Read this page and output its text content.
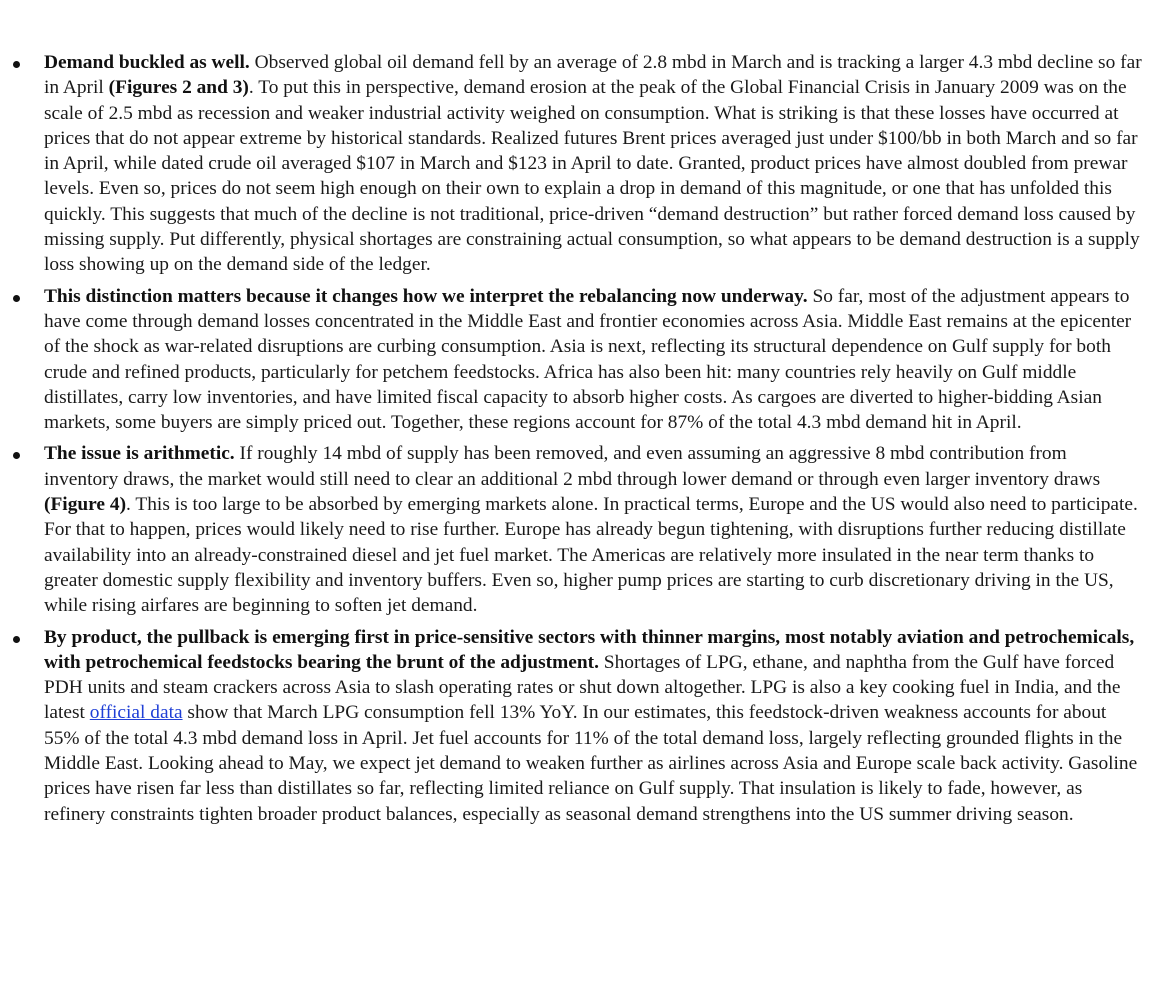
Demand buckled as well. Observed global oil demand fell by an average of 2.8 mbd in March and is tracking a larger 4.3 mbd decline so far in April (Figures 2 and 3). To put this in perspective, demand erosion at the peak of the Global Financial Crisis in January 2009 was on the scale of 2.5 mbd as recession and weaker industrial activity weighed on consumption. What is striking is that these losses have occurred at prices that do not appear extreme by historical standards. Realized futures Brent prices averaged just under $100/bb in both March and so far in April, while dated crude oil averaged $107 in March and $123 in April to date. Granted, product prices have almost doubled from prewar levels. Even so, prices do not seem high enough on their own to explain a drop in demand of this magnitude, or one that has unfolded this quickly. This suggests that much of the decline is not traditional, price-driven “demand destruction” but rather forced demand loss caused by missing supply. Put differently, physical shortages are constraining actual consumption, so what appears to be demand destruction is a supply loss showing up on the demand side of the ledger.
This distinction matters because it changes how we interpret the rebalancing now underway. So far, most of the adjustment appears to have come through demand losses concentrated in the Middle East and frontier economies across Asia. Middle East remains at the epicenter of the shock as war-related disruptions are curbing consumption. Asia is next, reflecting its structural dependence on Gulf supply for both crude and refined products, particularly for petchem feedstocks. Africa has also been hit: many countries rely heavily on Gulf middle distillates, carry low inventories, and have limited fiscal capacity to absorb higher costs. As cargoes are diverted to higher-bidding Asian markets, some buyers are simply priced out. Together, these regions account for 87% of the total 4.3 mbd demand hit in April.
The issue is arithmetic. If roughly 14 mbd of supply has been removed, and even assuming an aggressive 8 mbd contribution from inventory draws, the market would still need to clear an additional 2 mbd through lower demand or through even larger inventory draws (Figure 4). This is too large to be absorbed by emerging markets alone. In practical terms, Europe and the US would also need to participate. For that to happen, prices would likely need to rise further. Europe has already begun tightening, with disruptions further reducing distillate availability into an already-constrained diesel and jet fuel market. The Americas are relatively more insulated in the near term thanks to greater domestic supply flexibility and inventory buffers. Even so, higher pump prices are starting to curb discretionary driving in the US, while rising airfares are beginning to soften jet demand.
By product, the pullback is emerging first in price-sensitive sectors with thinner margins, most notably aviation and petrochemicals, with petrochemical feedstocks bearing the brunt of the adjustment. Shortages of LPG, ethane, and naphtha from the Gulf have forced PDH units and steam crackers across Asia to slash operating rates or shut down altogether. LPG is also a key cooking fuel in India, and the latest official data show that March LPG consumption fell 13% YoY. In our estimates, this feedstock-driven weakness accounts for about 55% of the total 4.3 mbd demand loss in April. Jet fuel accounts for 11% of the total demand loss, largely reflecting grounded flights in the Middle East. Looking ahead to May, we expect jet demand to weaken further as airlines across Asia and Europe scale back activity. Gasoline prices have risen far less than distillates so far, reflecting limited reliance on Gulf supply. That insulation is likely to fade, however, as refinery constraints tighten broader product balances, especially as seasonal demand strengthens into the US summer driving season.
